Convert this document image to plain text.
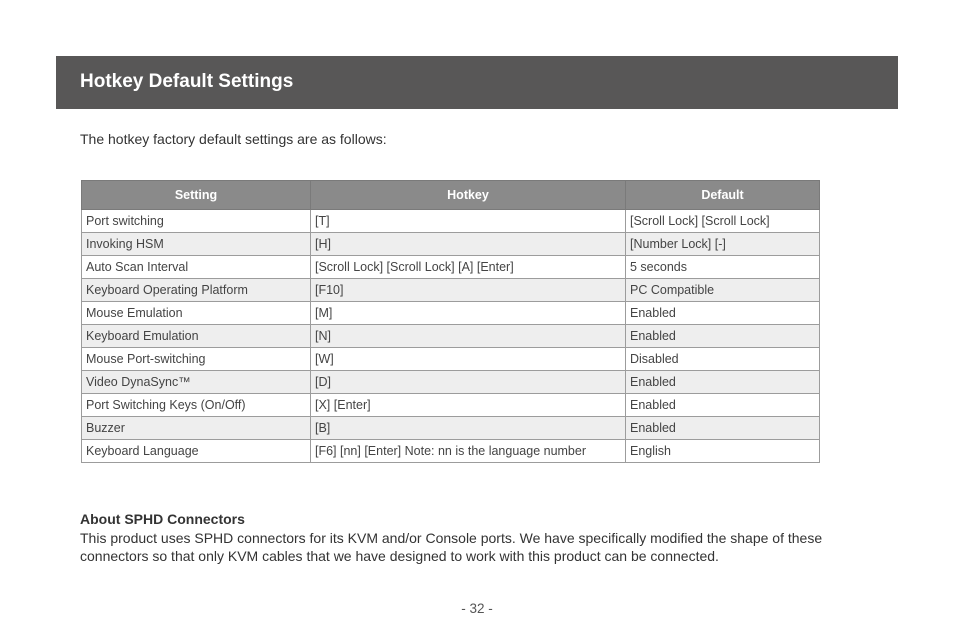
Hotkey Default Settings
The hotkey factory default settings are as follows:
Setting	Hotkey	Default
Port switching	[T]	[Scroll Lock] [Scroll Lock]
Invoking HSM	[H]	[Number Lock] [-]
Auto Scan Interval	[Scroll Lock] [Scroll Lock] [A] [Enter]	5 seconds
Keyboard Operating Platform	[F10]	PC Compatible
Mouse Emulation	[M]	Enabled
Keyboard Emulation	[N]	Enabled
Mouse Port-switching	[W]	Disabled
Video DynaSync™	[D]	Enabled
Port Switching Keys (On/Off)	[X] [Enter]	Enabled
Buzzer	[B]	Enabled
Keyboard Language	[F6] [nn] [Enter] Note: nn is the language number	English
About SPHD Connectors
This product uses SPHD connectors for its KVM and/or Console ports. We have specifically modified the shape of these connectors so that only KVM cables that we have designed to work with this product can be connected.
- 32 -
